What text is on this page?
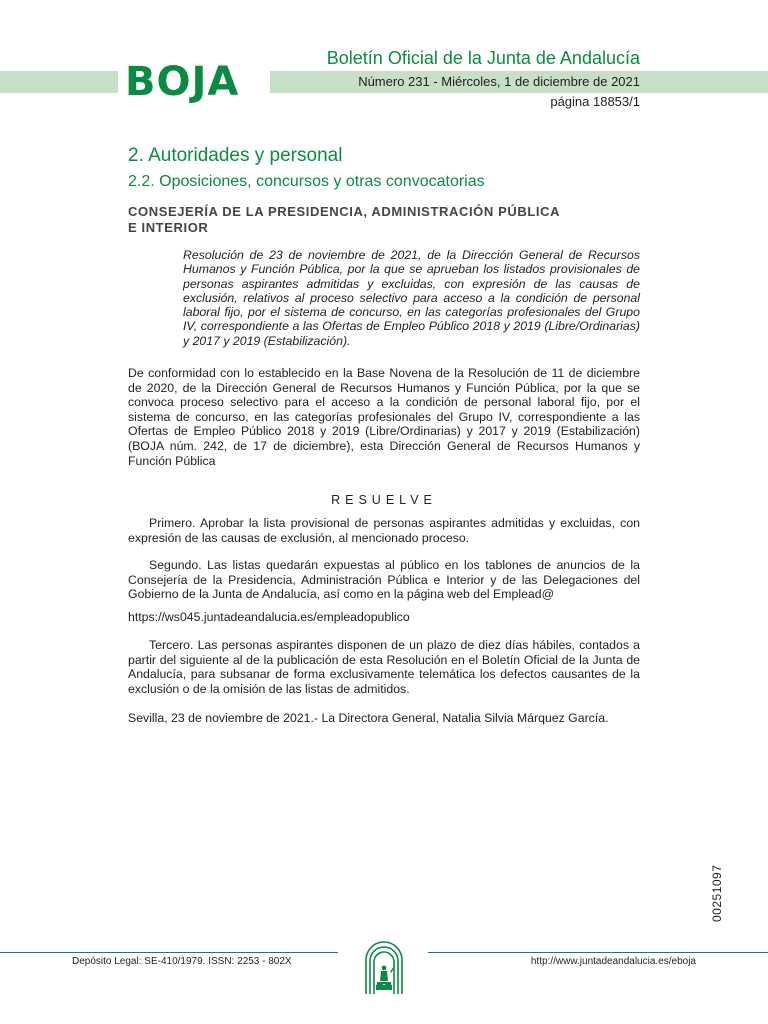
BOJA
Boletín Oficial de la Junta de Andalucía
Número 231 - Miércoles, 1 de diciembre de 2021
página 18853/1
2. Autoridades y personal
2.2. Oposiciones, concursos y otras convocatorias
CONSEJERÍA DE LA PRESIDENCIA, ADMINISTRACIÓN PÚBLICA
E INTERIOR
Resolución de 23 de noviembre de 2021, de la Dirección General de Recursos Humanos y Función Pública, por la que se aprueban los listados provisionales de personas aspirantes admitidas y excluidas, con expresión de las causas de exclusión, relativos al proceso selectivo para acceso a la condición de personal laboral fijo, por el sistema de concurso, en las categorías profesionales del Grupo IV, correspondiente a las Ofertas de Empleo Público 2018 y 2019 (Libre/Ordinarias) y 2017 y 2019 (Estabilización).
De conformidad con lo establecido en la Base Novena de la Resolución de 11 de diciembre de 2020, de la Dirección General de Recursos Humanos y Función Pública, por la que se convoca proceso selectivo para el acceso a la condición de personal laboral fijo, por el sistema de concurso, en las categorías profesionales del Grupo IV, correspondiente a las Ofertas de Empleo Público 2018 y 2019 (Libre/Ordinarias) y 2017 y 2019 (Estabilización) (BOJA núm. 242, de 17 de diciembre), esta Dirección General de Recursos Humanos y Función Pública
RESUELVE
Primero. Aprobar la lista provisional de personas aspirantes admitidas y excluidas, con expresión de las causas de exclusión, al mencionado proceso.
Segundo. Las listas quedarán expuestas al público en los tablones de anuncios de la Consejería de la Presidencia, Administración Pública e Interior y de las Delegaciones del Gobierno de la Junta de Andalucía, así como en la página web del Emplead@
https://ws045.juntadeandalucia.es/empleadopublico
Tercero. Las personas aspirantes disponen de un plazo de diez días hábiles, contados a partir del siguiente al de la publicación de esta Resolución en el Boletín Oficial de la Junta de Andalucía, para subsanar de forma exclusivamente telemática los defectos causantes de la exclusión o de la omisión de las listas de admitidos.
Sevilla, 23 de noviembre de 2021.- La Directora General, Natalia Silvia Márquez García.
00251097
Depósito Legal: SE-410/1979. ISSN: 2253 - 802X	http://www.juntadeandalucia.es/eboja
